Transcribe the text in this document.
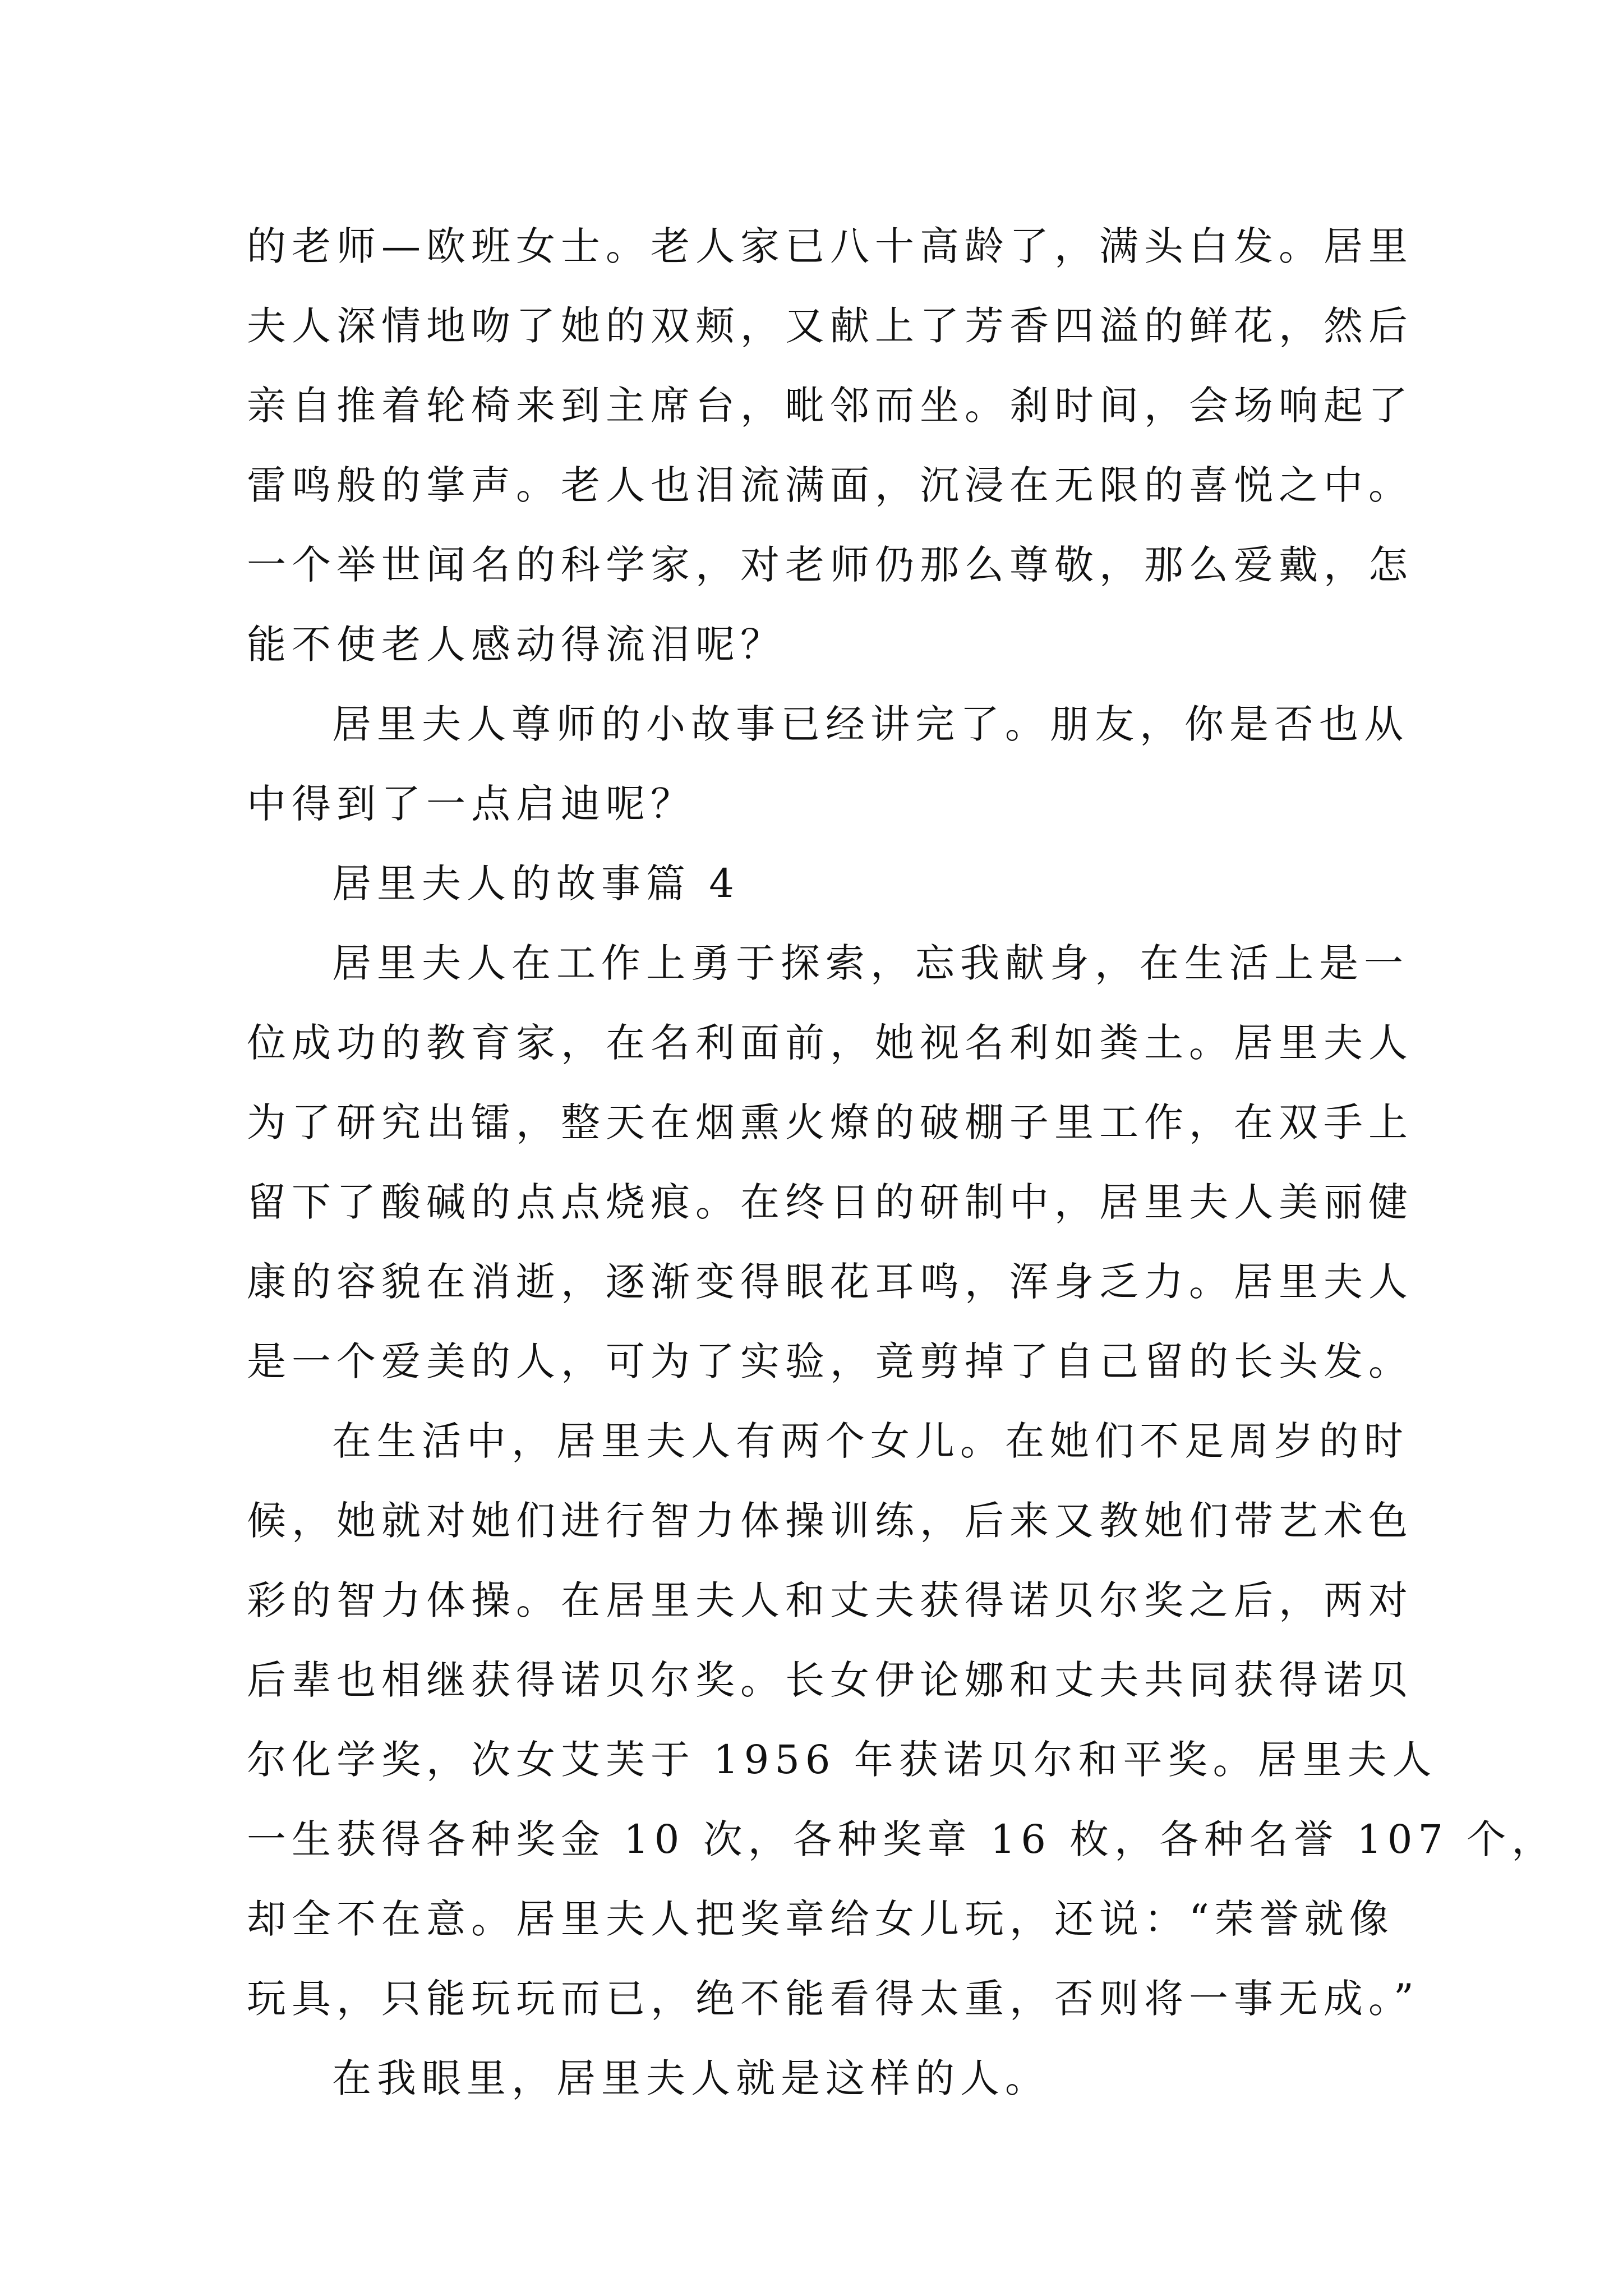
的老师—欧班女士。老人家已八十高龄了，满头白发。居里
夫人深情地吻了她的双颊，又献上了芳香四溢的鲜花，然后
亲自推着轮椅来到主席台，毗邻而坐。刹时间，会场响起了
雷鸣般的掌声。老人也泪流满面，沉浸在无限的喜悦之中。
一个举世闻名的科学家，对老师仍那么尊敬，那么爱戴，怎
能不使老人感动得流泪呢？
居里夫人尊师的小故事已经讲完了。朋友，你是否也从
中得到了一点启迪呢？
居里夫人的故事篇 4
居里夫人在工作上勇于探索，忘我献身，在生活上是一
位成功的教育家，在名利面前，她视名利如粪土。居里夫人
为了研究出镭，整天在烟熏火燎的破棚子里工作，在双手上
留下了酸碱的点点烧痕。在终日的研制中，居里夫人美丽健
康的容貌在消逝，逐渐变得眼花耳鸣，浑身乏力。居里夫人
是一个爱美的人，可为了实验，竟剪掉了自己留的长头发。
在生活中，居里夫人有两个女儿。在她们不足周岁的时
候，她就对她们进行智力体操训练，后来又教她们带艺术色
彩的智力体操。在居里夫人和丈夫获得诺贝尔奖之后，两对
后辈也相继获得诺贝尔奖。长女伊论娜和丈夫共同获得诺贝
尔化学奖，次女艾芙于 1956 年获诺贝尔和平奖。居里夫人
一生获得各种奖金 10 次，各种奖章 16 枚，各种名誉 107 个，
却全不在意。居里夫人把奖章给女儿玩，还说：“荣誉就像
玩具，只能玩玩而已，绝不能看得太重，否则将一事无成。”
在我眼里，居里夫人就是这样的人。
